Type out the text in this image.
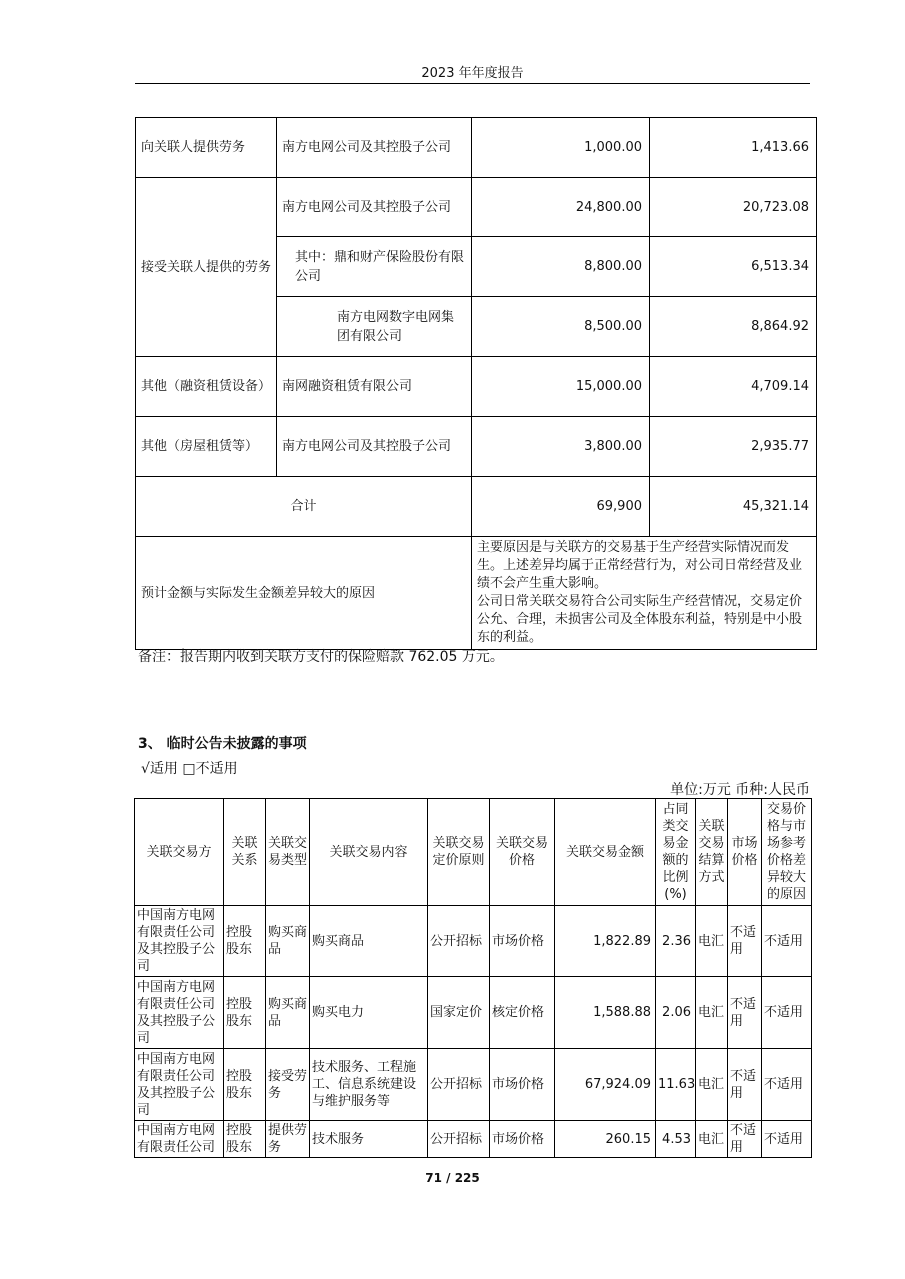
2023 年年度报告
向关联人提供劳务	南方电网公司及其控股子公司	1,000.00	1,413.66
接受关联人提供的劳务	南方电网公司及其控股子公司	24,800.00	20,723.08
	其中：鼎和财产保险股份有限公司	8,800.00	6,513.34
	南方电网数字电网集团有限公司	8,500.00	8,864.92
其他（融资租赁设备）	南网融资租赁有限公司	15,000.00	4,709.14
其他（房屋租赁等）	南方电网公司及其控股子公司	3,800.00	2,935.77
合计		69,900	45,321.14
预计金额与实际发生金额差异较大的原因		主要原因是与关联方的交易基于生产经营实际情况而发生。上述差异均属于正常经营行为，对公司日常经营及业绩不会产生重大影响。
公司日常关联交易符合公司实际生产经营情况，交易定价公允、合理，未损害公司及全体股东利益，特别是中小股东的利益。	
备注：报告期内收到关联方支付的保险赔款 762.05 万元。
3、 临时公告未披露的事项
√适用 □不适用
单位:万元 币种:人民币
关联交易方	关联关系	关联交易类型	关联交易内容	关联交易定价原则	关联交易价格	关联交易金额	占同类交易金额的比例(%)	关联交易结算方式	市场价格	交易价格与市场参考价格差异较大的原因
中国南方电网有限责任公司及其控股子公司	控股股东	购买商品	购买商品	公开招标	市场价格	1,822.89	2.36	电汇	不适用	不适用
中国南方电网有限责任公司及其控股子公司	控股股东	购买商品	购买电力	国家定价	核定价格	1,588.88	2.06	电汇	不适用	不适用
中国南方电网有限责任公司及其控股子公司	控股股东	接受劳务	技术服务、工程施工、信息系统建设与维护服务等	公开招标	市场价格	67,924.09	11.63	电汇	不适用	不适用
中国南方电网有限责任公司	控股股东	提供劳务	技术服务	公开招标	市场价格	260.15	4.53	电汇	不适用	不适用
71 / 225
